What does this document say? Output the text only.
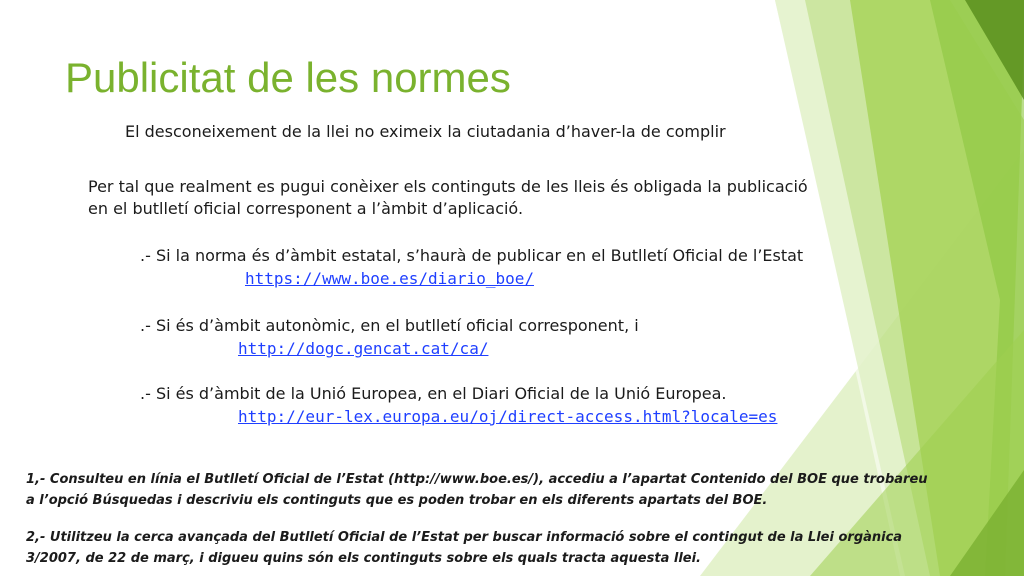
Publicitat de les normes

El desconeixement de la llei no eximeix la ciutadania d’haver-la de complir

Per tal que realment es pugui conèixer els continguts de les lleis és obligada la publicació

en el butlletí oficial corresponent a l’àmbit d’aplicació.

.- Si la norma és d’àmbit estatal, s’haurà de publicar en el Butlletí Oficial de l’Estat

https://www.boe.es/diario_boe/

.- Si és d’àmbit autonòmic, en el butlletí oficial corresponent, i

http://dogc.gencat.cat/ca/

.- Si és d’àmbit de la Unió Europea, en el Diari Oficial de la Unió Europea.

http://eur-lex.europa.eu/oj/direct-access.html?locale=es

1,- Consulteu en línia el Butlletí Oficial de l’Estat (http://www.boe.es/), accediu a l’apartat Contenido del BOE que trobareu

a l’opció Búsquedas i descriviu els continguts que es poden trobar en els diferents apartats del BOE.

2,- Utilitzeu la cerca avançada del Butlletí Oficial de l’Estat per buscar informació sobre el contingut de la Llei orgànica

3/2007, de 22 de març, i digueu quins són els continguts sobre els quals tracta aquesta llei.
